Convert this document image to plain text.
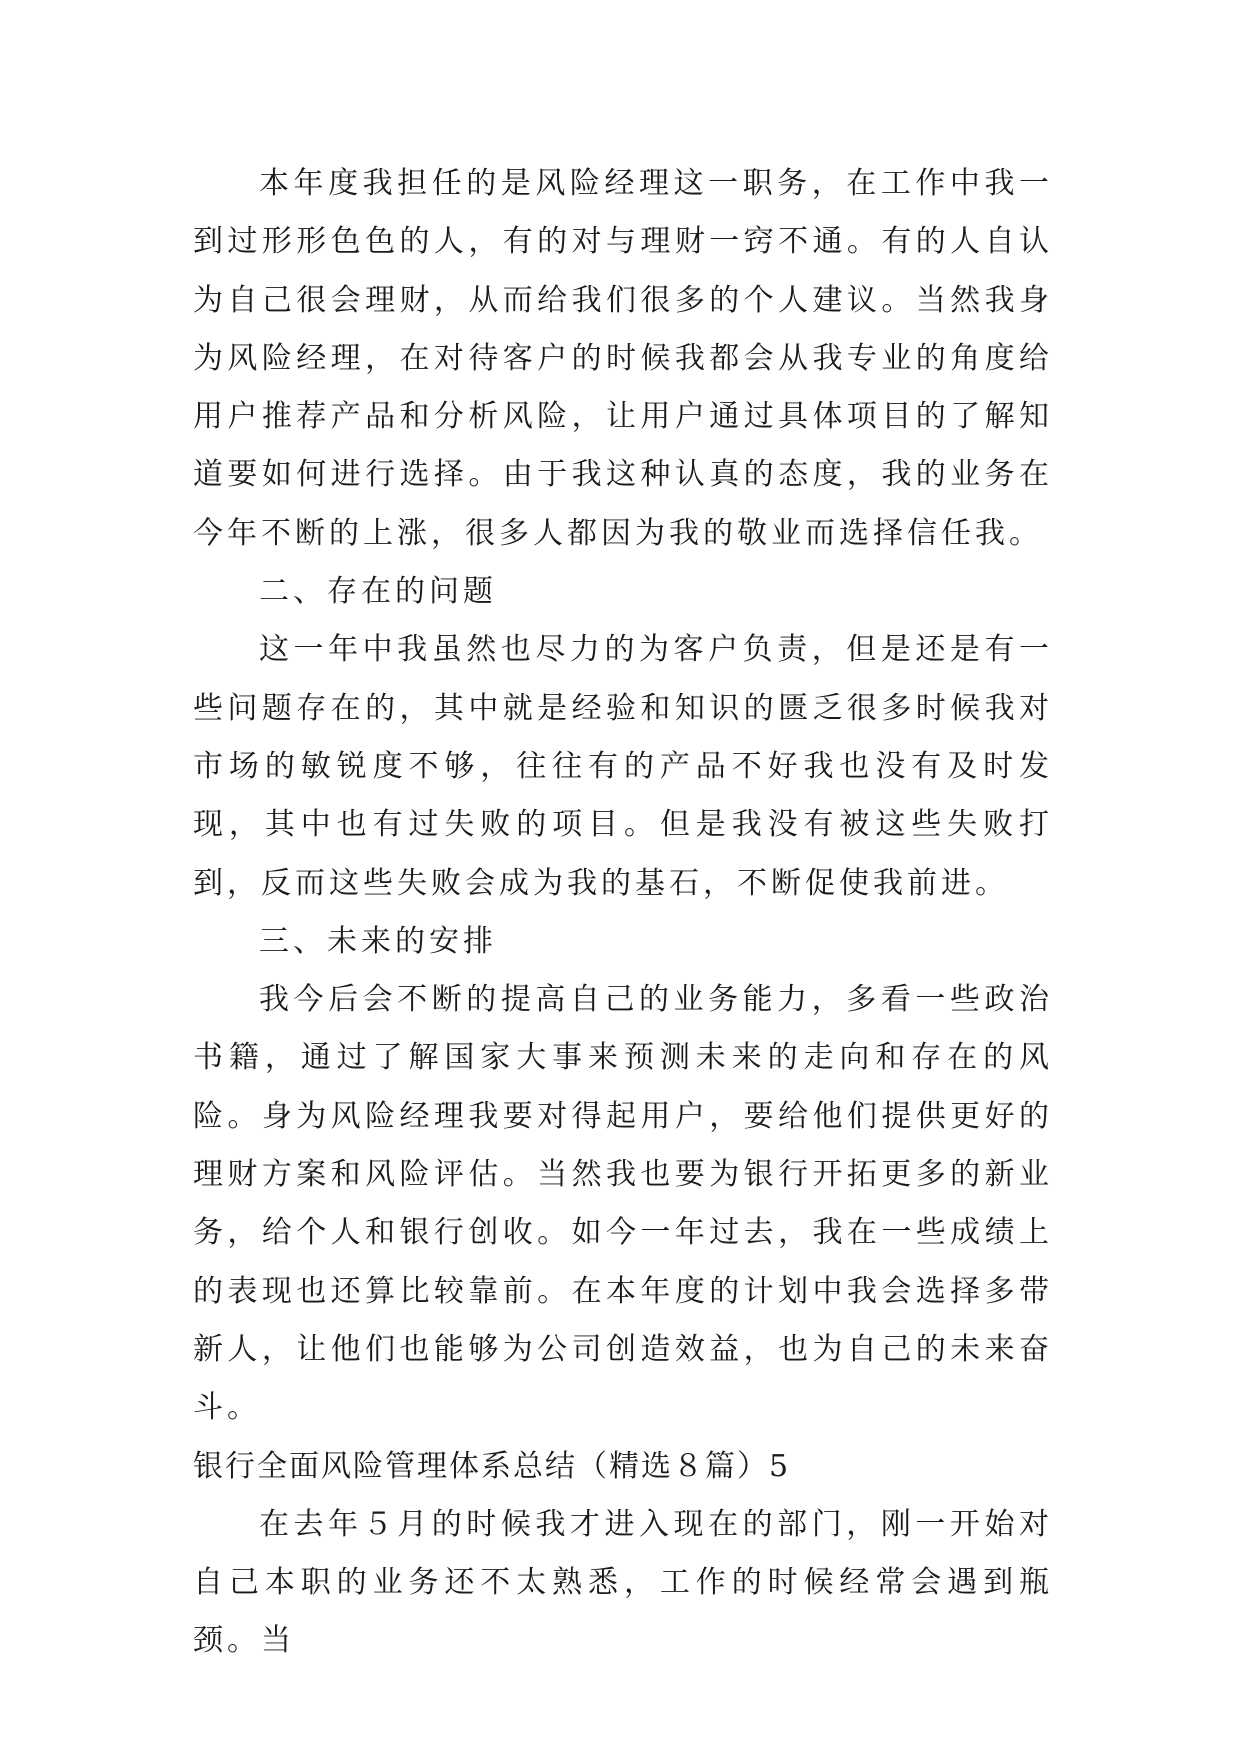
本年度我担任的是风险经理这一职务，在工作中我一到过形形色色的人，有的对与理财一窍不通。有的人自认为自己很会理财，从而给我们很多的个人建议。当然我身为风险经理，在对待客户的时候我都会从我专业的角度给用户推荐产品和分析风险，让用户通过具体项目的了解知道要如何进行选择。由于我这种认真的态度，我的业务在今年不断的上涨，很多人都因为我的敬业而选择信任我。

二、存在的问题

这一年中我虽然也尽力的为客户负责，但是还是有一些问题存在的，其中就是经验和知识的匮乏很多时候我对市场的敏锐度不够，往往有的产品不好我也没有及时发现，其中也有过失败的项目。但是我没有被这些失败打到，反而这些失败会成为我的基石，不断促使我前进。

三、未来的安排

我今后会不断的提高自己的业务能力，多看一些政治书籍，通过了解国家大事来预测未来的走向和存在的风险。身为风险经理我要对得起用户，要给他们提供更好的理财方案和风险评估。当然我也要为银行开拓更多的新业务，给个人和银行创收。如今一年过去，我在一些成绩上的表现也还算比较靠前。在本年度的计划中我会选择多带新人，让他们也能够为公司创造效益，也为自己的未来奋斗。

银行全面风险管理体系总结（精选８篇）5

在去年５月的时候我才进入现在的部门，刚一开始对自己本职的业务还不太熟悉，工作的时候经常会遇到瓶颈。当
